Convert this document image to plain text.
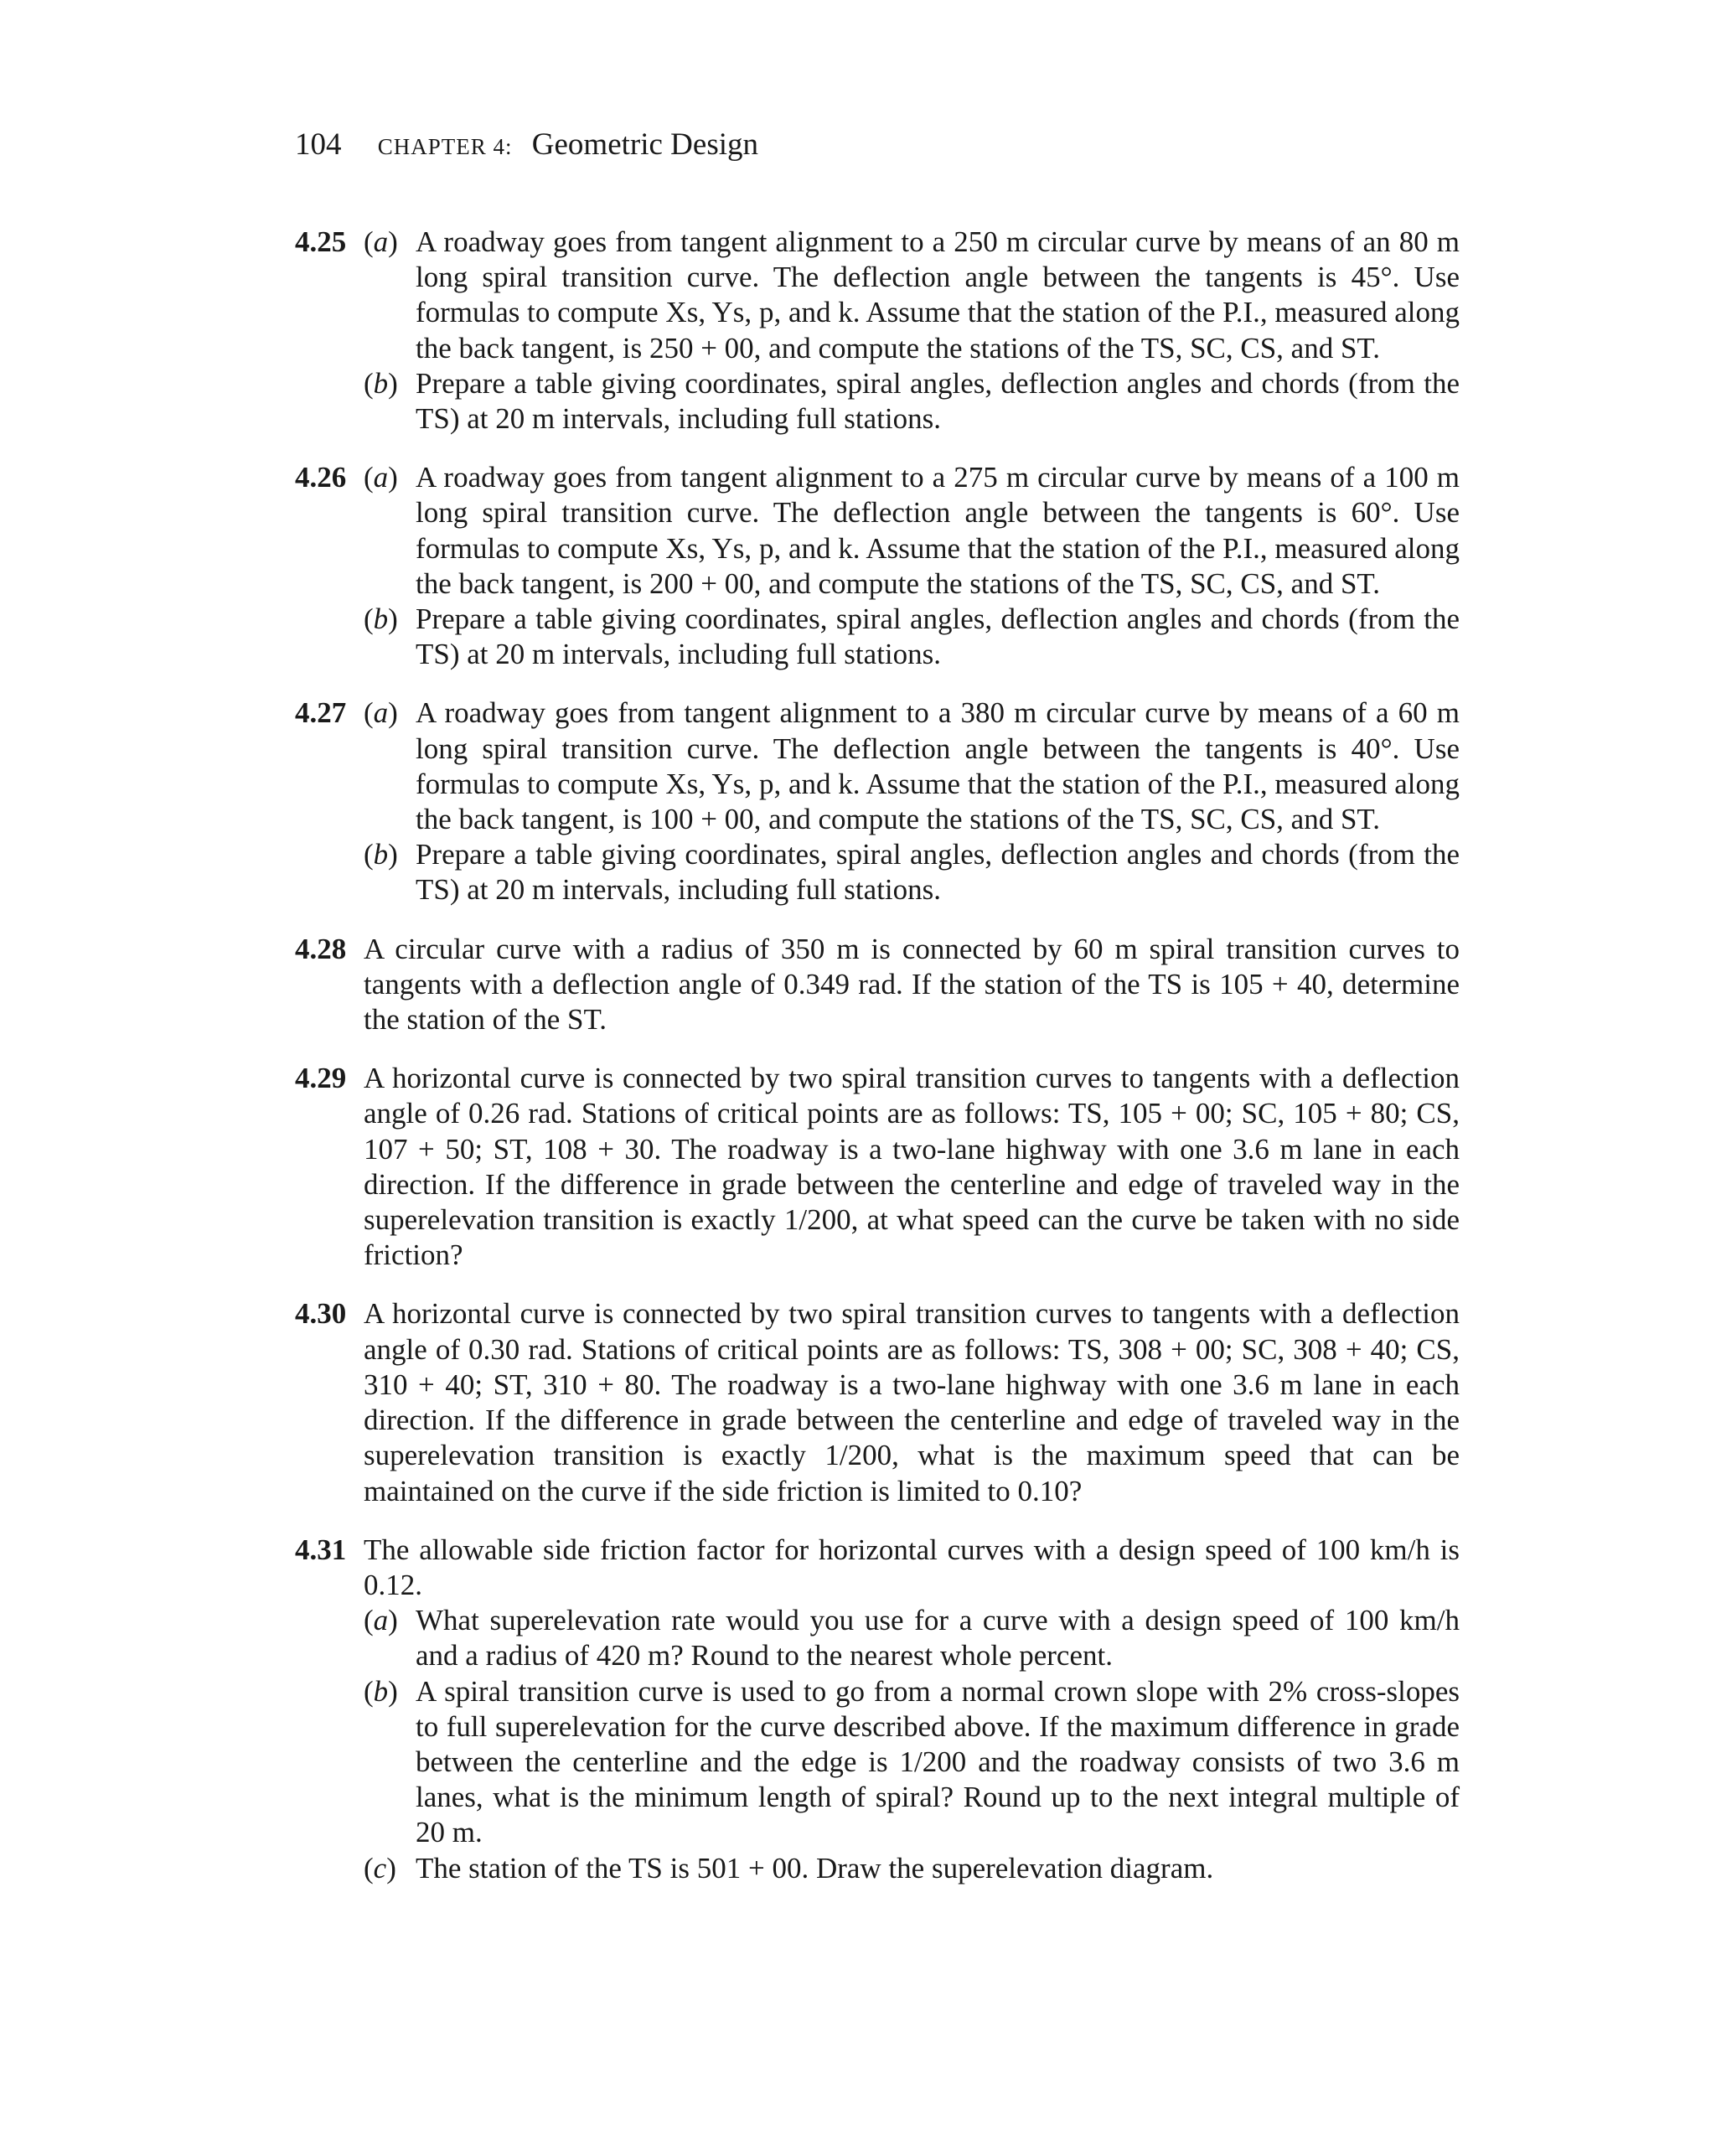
104 CHAPTER 4: Geometric Design
4.25 (a) A roadway goes from tangent alignment to a 250 m circular curve by means of an 80 m long spiral transition curve. The deflection angle between the tangents is 45°. Use formulas to compute Xs, Ys, p, and k. Assume that the station of the P.I., measured along the back tangent, is 250 + 00, and compute the stations of the TS, SC, CS, and ST.
(b) Prepare a table giving coordinates, spiral angles, deflection angles and chords (from the TS) at 20 m intervals, including full stations.
4.26 (a) A roadway goes from tangent alignment to a 275 m circular curve by means of a 100 m long spiral transition curve. The deflection angle between the tangents is 60°. Use formulas to compute Xs, Ys, p, and k. Assume that the station of the P.I., measured along the back tangent, is 200 + 00, and compute the stations of the TS, SC, CS, and ST.
(b) Prepare a table giving coordinates, spiral angles, deflection angles and chords (from the TS) at 20 m intervals, including full stations.
4.27 (a) A roadway goes from tangent alignment to a 380 m circular curve by means of a 60 m long spiral transition curve. The deflection angle between the tangents is 40°. Use formulas to compute Xs, Ys, p, and k. Assume that the station of the P.I., measured along the back tangent, is 100 + 00, and compute the stations of the TS, SC, CS, and ST.
(b) Prepare a table giving coordinates, spiral angles, deflection angles and chords (from the TS) at 20 m intervals, including full stations.
4.28 A circular curve with a radius of 350 m is connected by 60 m spiral transition curves to tangents with a deflection angle of 0.349 rad. If the station of the TS is 105 + 40, determine the station of the ST.
4.29 A horizontal curve is connected by two spiral transition curves to tangents with a deflection angle of 0.26 rad. Stations of critical points are as follows: TS, 105 + 00; SC, 105 + 80; CS, 107 + 50; ST, 108 + 30. The roadway is a two-lane highway with one 3.6 m lane in each direction. If the difference in grade between the centerline and edge of traveled way in the superelevation transition is exactly 1/200, at what speed can the curve be taken with no side friction?
4.30 A horizontal curve is connected by two spiral transition curves to tangents with a deflection angle of 0.30 rad. Stations of critical points are as follows: TS, 308 + 00; SC, 308 + 40; CS, 310 + 40; ST, 310 + 80. The roadway is a two-lane highway with one 3.6 m lane in each direction. If the difference in grade between the centerline and edge of traveled way in the superelevation transition is exactly 1/200, what is the maximum speed that can be maintained on the curve if the side friction is limited to 0.10?
4.31 The allowable side friction factor for horizontal curves with a design speed of 100 km/h is 0.12.
(a) What superelevation rate would you use for a curve with a design speed of 100 km/h and a radius of 420 m? Round to the nearest whole percent.
(b) A spiral transition curve is used to go from a normal crown slope with 2% cross-slopes to full superelevation for the curve described above. If the maximum difference in grade between the centerline and the edge is 1/200 and the roadway consists of two 3.6 m lanes, what is the minimum length of spiral? Round up to the next integral multiple of 20 m.
(c) The station of the TS is 501 + 00. Draw the superelevation diagram.
